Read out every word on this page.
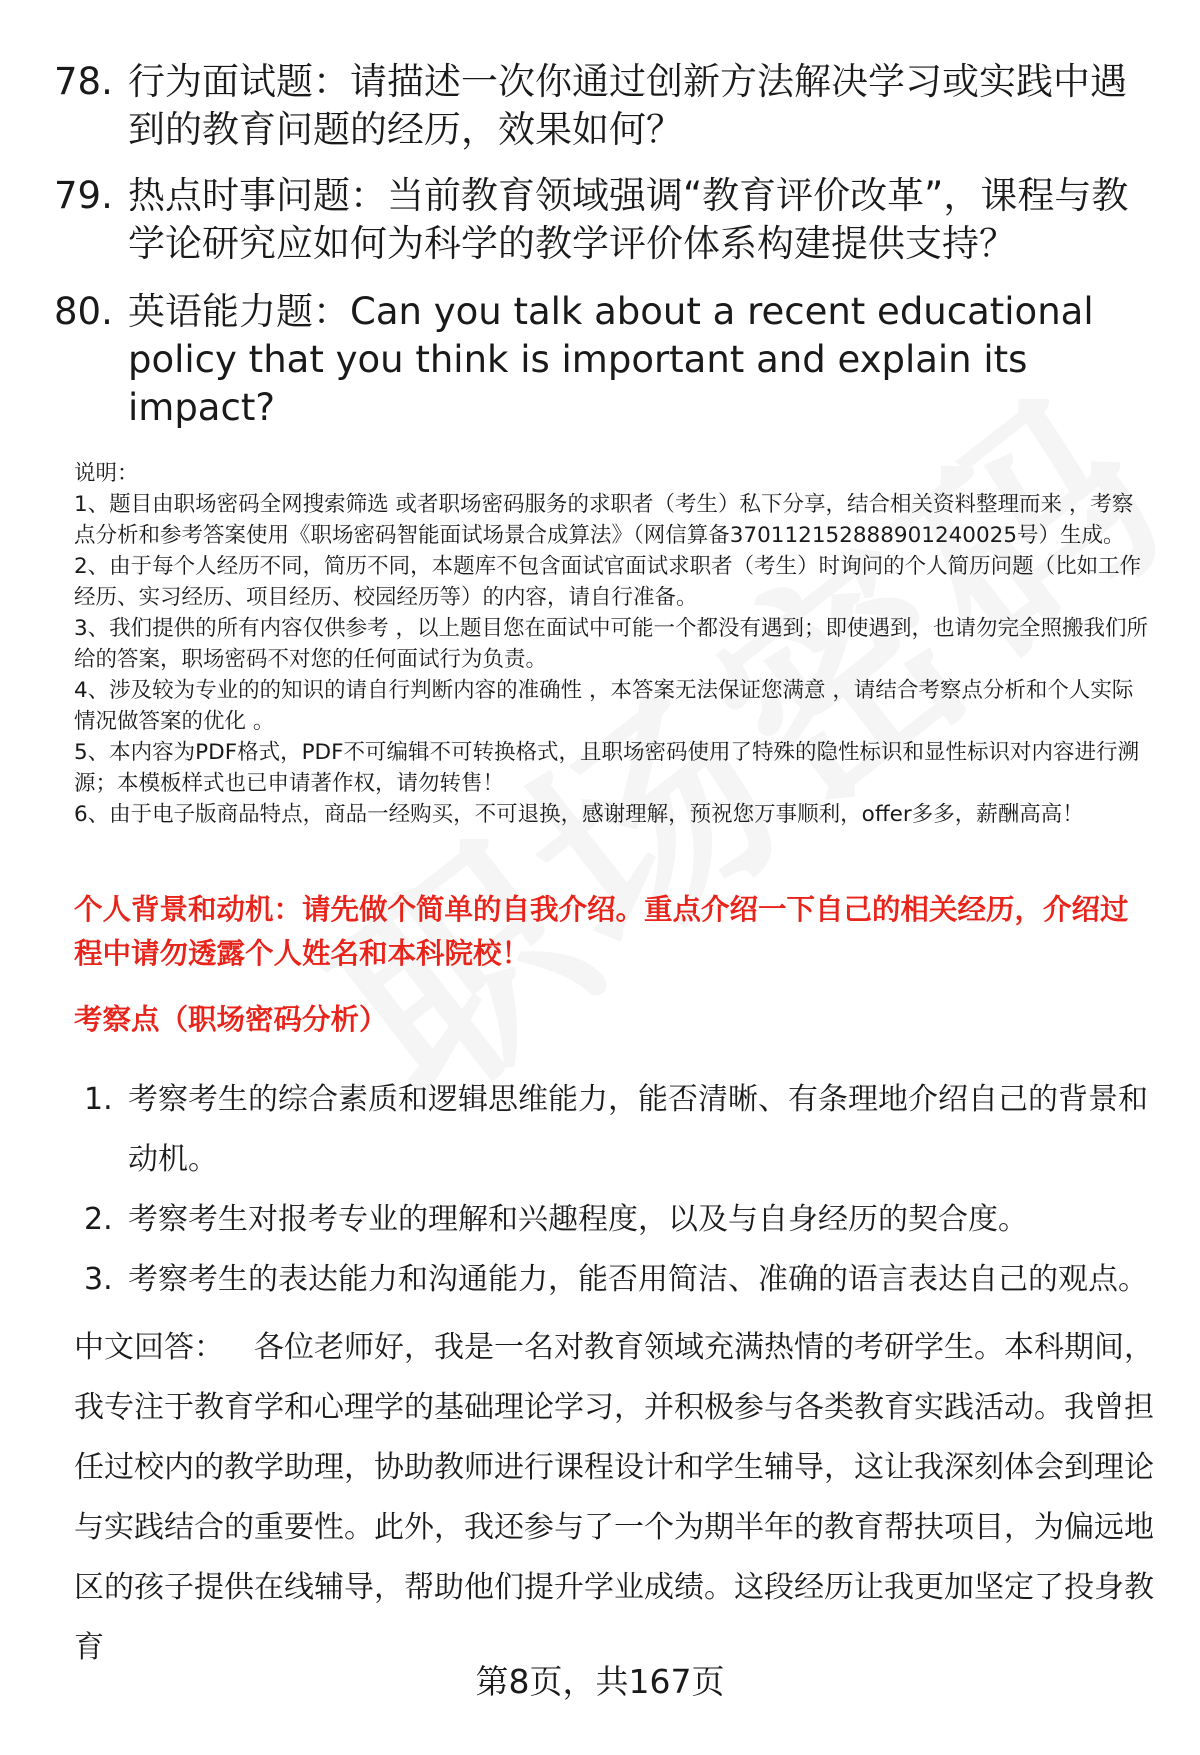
78. 行为面试题：请描述一次你通过创新方法解决学习或实践中遇到的教育问题的经历，效果如何？
79. 热点时事问题：当前教育领域强调“教育评价改革”，课程与教学论研究应如何为科学的教学评价体系构建提供支持？
80. 英语能力题：Can you talk about a recent educational policy that you think is important and explain its impact?
说明：
1、题目由职场密码全网搜索筛选 或者职场密码服务的求职者（考生）私下分享，结合相关资料整理而来 ，考察点分析和参考答案使用《职场密码智能面试场景合成算法》（网信算备370112152888901240025号）生成。
2、由于每个人经历不同，简历不同，本题库不包含面试官面试求职者（考生）时询问的个人简历问题（比如工作经历、实习经历、项目经历、校园经历等）的内容，请自行准备。
3、我们提供的所有内容仅供参考 ，以上题目您在面试中可能一个都没有遇到；即使遇到，也请勿完全照搬我们所给的答案，职场密码不对您的任何面试行为负责。
4、涉及较为专业的的知识的请自行判断内容的准确性 ，本答案无法保证您满意 ，请结合考察点分析和个人实际情况做答案的优化 。
5、本内容为PDF格式，PDF不可编辑不可转换格式，且职场密码使用了特殊的隐性标识和显性标识对内容进行溯源；本模板样式也已申请著作权，请勿转售！
6、由于电子版商品特点，商品一经购买，不可退换，感谢理解，预祝您万事顺利，offer多多，薪酬高高！
个人背景和动机：请先做个简单的自我介绍。重点介绍一下自己的相关经历，介绍过程中请勿透露个人姓名和本科院校！
考察点（职场密码分析）
1. 考察考生的综合素质和逻辑思维能力，能否清晰、有条理地介绍自己的背景和动机。
2. 考察考生对报考专业的理解和兴趣程度，以及与自身经历的契合度。
3. 考察考生的表达能力和沟通能力，能否用简洁、准确的语言表达自己的观点。
中文回答： 各位老师好，我是一名对教育领域充满热情的考研学生。本科期间，我专注于教育学和心理学的基础理论学习，并积极参与各类教育实践活动。我曾担任过校内的教学助理，协助教师进行课程设计和学生辅导，这让我深刻体会到理论与实践结合的重要性。此外，我还参与了一个为期半年的教育帮扶项目，为偏远地区的孩子提供在线辅导，帮助他们提升学业成绩。这段经历让我更加坚定了投身教育
第8页，共167页
